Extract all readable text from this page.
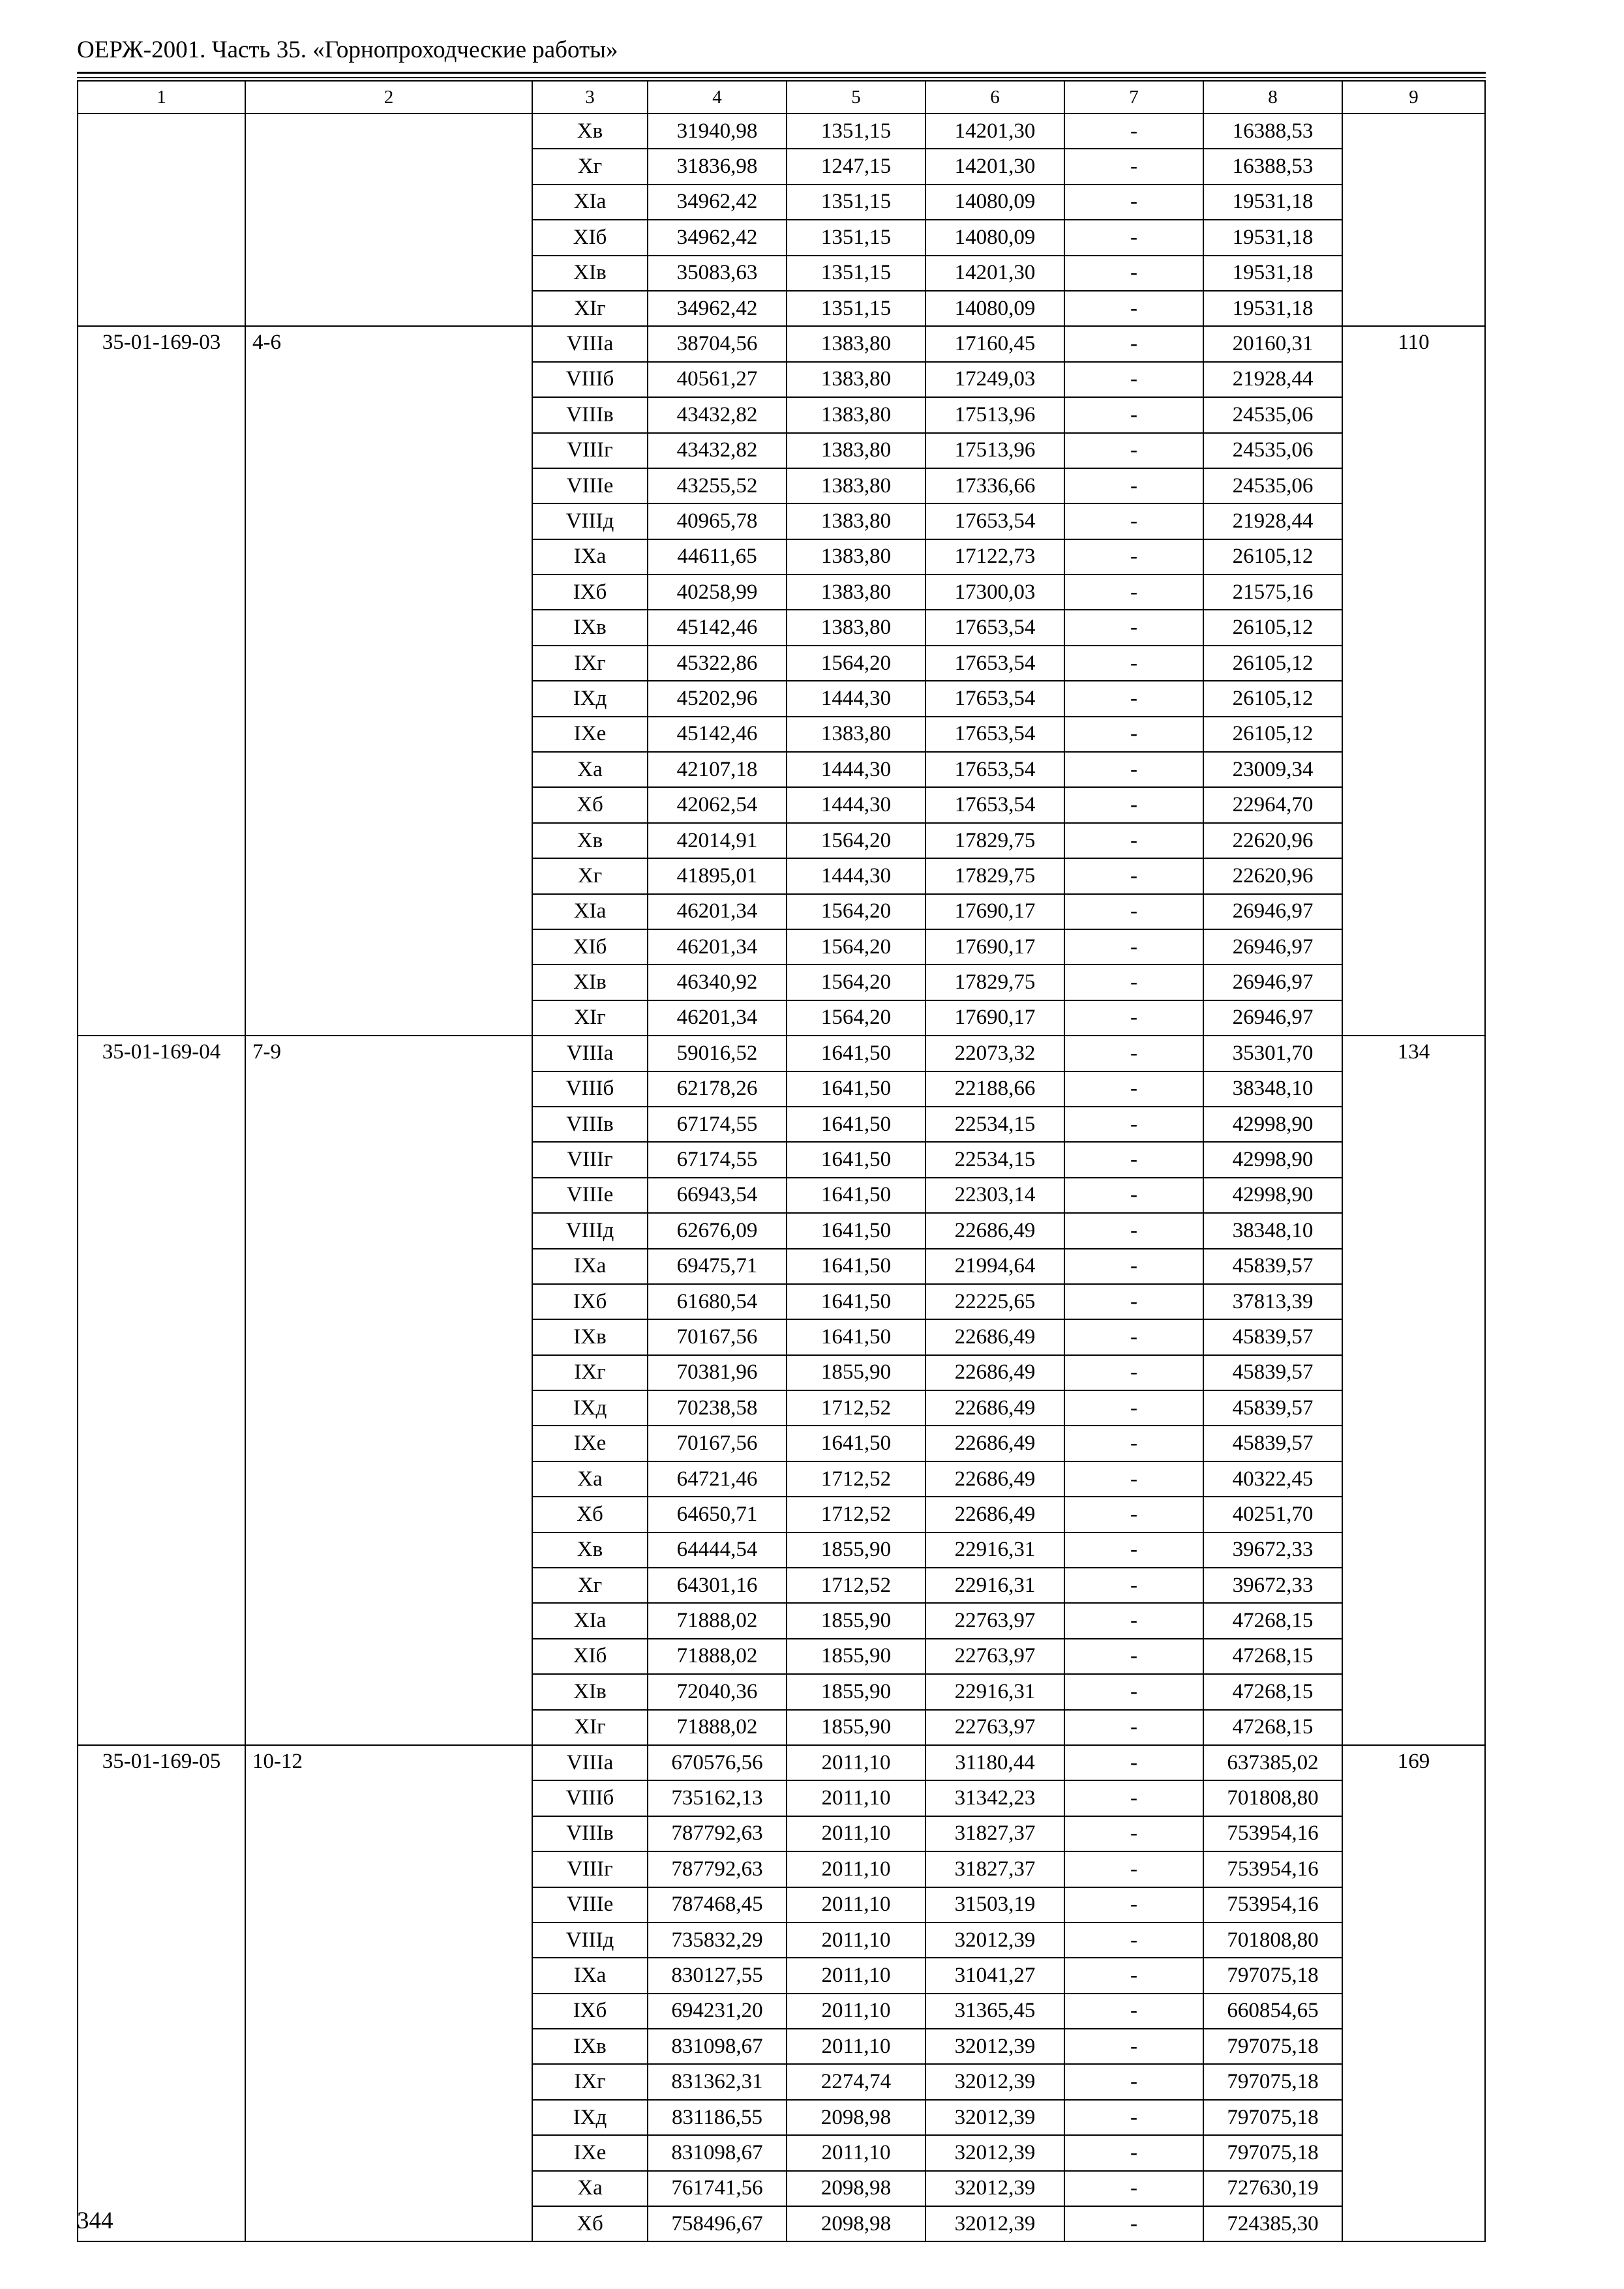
ОЕРЖ-2001. Часть 35. «Горнопроходческие работы»
1	2	3	4	5	6	7	8	9
		Хв	31940,98	1351,15	14201,30	-	16388,53	
		Хг	31836,98	1247,15	14201,30	-	16388,53	
		ХIа	34962,42	1351,15	14080,09	-	19531,18	
		ХIб	34962,42	1351,15	14080,09	-	19531,18	
		ХIв	35083,63	1351,15	14201,30	-	19531,18	
		ХIг	34962,42	1351,15	14080,09	-	19531,18	
35-01-169-03	4-6	VIIIа	38704,56	1383,80	17160,45	-	20160,31	110
		VIIIб	40561,27	1383,80	17249,03	-	21928,44	
		VIIIв	43432,82	1383,80	17513,96	-	24535,06	
		VIIIг	43432,82	1383,80	17513,96	-	24535,06	
		VIIIе	43255,52	1383,80	17336,66	-	24535,06	
		VIIIд	40965,78	1383,80	17653,54	-	21928,44	
		IХа	44611,65	1383,80	17122,73	-	26105,12	
		IХб	40258,99	1383,80	17300,03	-	21575,16	
		IХв	45142,46	1383,80	17653,54	-	26105,12	
		IХг	45322,86	1564,20	17653,54	-	26105,12	
		IХд	45202,96	1444,30	17653,54	-	26105,12	
		IХе	45142,46	1383,80	17653,54	-	26105,12	
		Ха	42107,18	1444,30	17653,54	-	23009,34	
		Хб	42062,54	1444,30	17653,54	-	22964,70	
		Хв	42014,91	1564,20	17829,75	-	22620,96	
		Хг	41895,01	1444,30	17829,75	-	22620,96	
		ХIа	46201,34	1564,20	17690,17	-	26946,97	
		ХIб	46201,34	1564,20	17690,17	-	26946,97	
		ХIв	46340,92	1564,20	17829,75	-	26946,97	
		ХIг	46201,34	1564,20	17690,17	-	26946,97	
35-01-169-04	7-9	VIIIа	59016,52	1641,50	22073,32	-	35301,70	134
		VIIIб	62178,26	1641,50	22188,66	-	38348,10	
		VIIIв	67174,55	1641,50	22534,15	-	42998,90	
		VIIIг	67174,55	1641,50	22534,15	-	42998,90	
		VIIIе	66943,54	1641,50	22303,14	-	42998,90	
		VIIIд	62676,09	1641,50	22686,49	-	38348,10	
		IХа	69475,71	1641,50	21994,64	-	45839,57	
		IХб	61680,54	1641,50	22225,65	-	37813,39	
		IХв	70167,56	1641,50	22686,49	-	45839,57	
		IХг	70381,96	1855,90	22686,49	-	45839,57	
		IХд	70238,58	1712,52	22686,49	-	45839,57	
		IХе	70167,56	1641,50	22686,49	-	45839,57	
		Ха	64721,46	1712,52	22686,49	-	40322,45	
		Хб	64650,71	1712,52	22686,49	-	40251,70	
		Хв	64444,54	1855,90	22916,31	-	39672,33	
		Хг	64301,16	1712,52	22916,31	-	39672,33	
		ХIа	71888,02	1855,90	22763,97	-	47268,15	
		ХIб	71888,02	1855,90	22763,97	-	47268,15	
		ХIв	72040,36	1855,90	22916,31	-	47268,15	
		ХIг	71888,02	1855,90	22763,97	-	47268,15	
35-01-169-05	10-12	VIIIа	670576,56	2011,10	31180,44	-	637385,02	169
		VIIIб	735162,13	2011,10	31342,23	-	701808,80	
		VIIIв	787792,63	2011,10	31827,37	-	753954,16	
		VIIIг	787792,63	2011,10	31827,37	-	753954,16	
		VIIIе	787468,45	2011,10	31503,19	-	753954,16	
		VIIIд	735832,29	2011,10	32012,39	-	701808,80	
		IХа	830127,55	2011,10	31041,27	-	797075,18	
		IХб	694231,20	2011,10	31365,45	-	660854,65	
		IХв	831098,67	2011,10	32012,39	-	797075,18	
		IХг	831362,31	2274,74	32012,39	-	797075,18	
		IХд	831186,55	2098,98	32012,39	-	797075,18	
		IХе	831098,67	2011,10	32012,39	-	797075,18	
		Ха	761741,56	2098,98	32012,39	-	727630,19	
		Хб	758496,67	2098,98	32012,39	-	724385,30	
344
